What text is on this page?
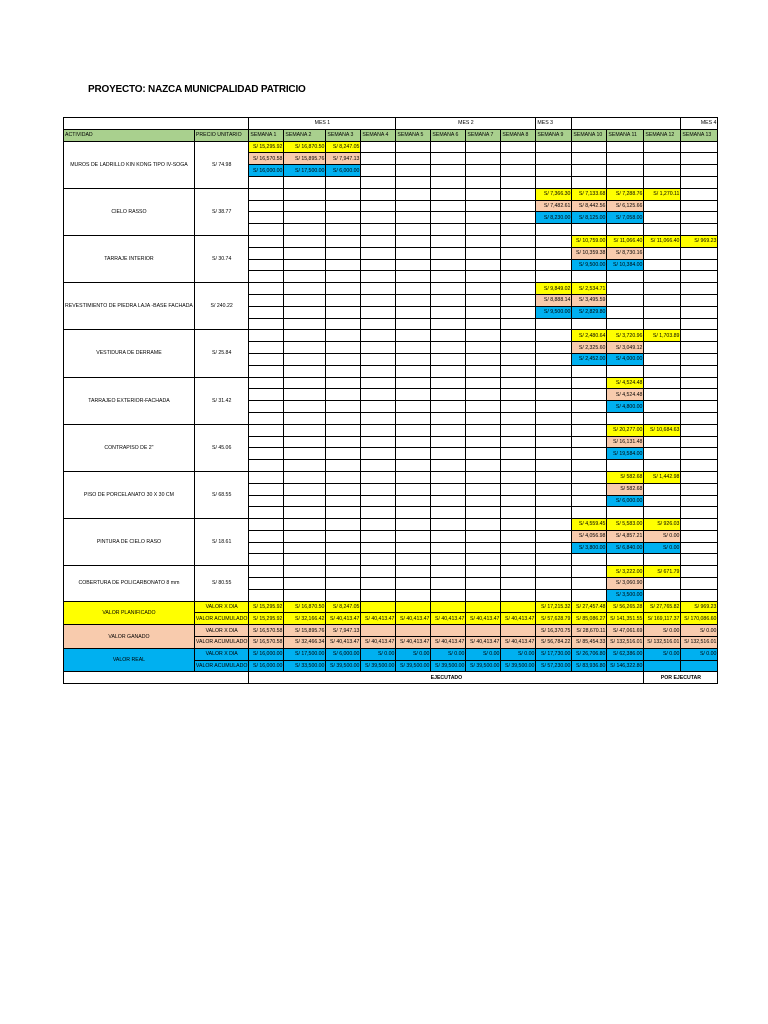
PROYECTO: NAZCA MUNICPALIDAD PATRICIO
		MES 1				MES 2				MES 3				MES 4
ACTIVIDAD	PRECIO UNITARIO	SEMANA 1	SEMANA 2	SEMANA 3	SEMANA 4	SEMANA 5	SEMANA 6	SEMANA 7	SEMANA 8	SEMANA 9	SEMANA 10	SEMANA 11	SEMANA 12	SEMANA 13
MUROS DE LADRILLO KIN KONG TIPO IV-SOGA	S/ 74.98	S/ 15,295.92	S/ 16,870.50	S/ 8,247.05										
		S/ 16,570.58	S/ 15,895.76	S/ 7,947.13										
		S/ 16,000.00	S/ 17,500.00	S/ 6,000.00										

CIELO RASSO	S/ 38.77									S/ 7,366.30	S/ 7,133.68	S/ 7,288.76	S/ 1,270.11	
										S/ 7,482.61	S/ 8,442.56	S/ 6,125.66		
										S/ 8,230.00	S/ 8,125.00	S/ 7,058.00		

TARRAJE INTERIOR	S/ 30.74										S/ 10,759.00	S/ 11,066.40	S/ 11,066.40	S/ 969.23
											S/ 10,359.38	S/ 8,730.16		
											S/ 9,500.00	S/ 10,384.00		

REVESTIMIENTO DE PIEDRA LAJA -BASE FACHADA	S/ 240.22									S/ 9,849.02	S/ 2,534.71			
										S/ 8,888.14	S/ 3,495.59			
										S/ 9,500.00	S/ 2,829.80			

VESTIDURA DE DERRAME	S/ 25.84										S/ 2,480.64	S/ 3,720.96	S/ 1,703.89	
											S/ 2,325.60	S/ 3,049.12		
											S/ 2,452.00	S/ 4,000.00		

TARRAJEO EXTERIOR-FACHADA	S/ 31.42											S/ 4,524.48		
												S/ 4,524.48		
												S/ 4,800.00		

CONTRAPISO DE 2"	S/ 45.06											S/ 20,277.00	S/ 10,684.63	
												S/ 16,131.48		
												S/ 19,584.00		

PISO DE PORCELANATO 30 X 30 CM	S/ 68.55											S/ 582.68	S/ 1,442.98	
												S/ 582.68		
												S/ 6,000.00		

PINTURA DE CIELO RASO	S/ 18.61										S/ 4,559.45	S/ 5,583.00	S/ 926.03	
											S/ 4,056.98	S/ 4,857.21	S/ 0.00	
											S/ 3,800.00	S/ 6,840.00	S/ 0.00	

COBERTURA DE POLICARBONATO 8 mm	S/ 80.55											S/ 3,222.00	S/ 671.79	
												S/ 3,060.90		
												S/ 3,500.00		
VALOR PLANIFICADO	VALOR X DIA	S/ 15,295.92	S/ 16,870.50	S/ 8,247.05						S/ 17,215.32	S/ 27,457.48	S/ 56,265.28	S/ 27,765.82	S/ 969.23
	VALOR ACUMULADO	S/ 15,295.92	S/ 32,166.42	S/ 40,413.47	S/ 40,413.47	S/ 40,413.47	S/ 40,413.47	S/ 40,413.47	S/ 40,413.47	S/ 57,628.79	S/ 85,086.27	S/ 141,351.55	S/ 169,117.37	S/ 170,086.60
VALOR GANADO	VALOR X DIA	S/ 16,570.58	S/ 15,895.76	S/ 7,947.13						S/ 16,370.75	S/ 28,670.11	S/ 47,061.69	S/ 0.00	S/ 0.00
	VALOR ACUMULADO	S/ 16,570.58	S/ 32,466.34	S/ 40,413.47	S/ 40,413.47	S/ 40,413.47	S/ 40,413.47	S/ 40,413.47	S/ 40,413.47	S/ 56,784.22	S/ 85,454.33	S/ 132,516.01	S/ 132,516.01	S/ 132,516.01
VALOR REAL	VALOR X DIA	S/ 16,000.00	S/ 17,500.00	S/ 6,000.00	S/ 0.00	S/ 0.00	S/ 0.00	S/ 0.00	S/ 0.00	S/ 17,730.00	S/ 26,706.80	S/ 62,386.00	S/ 0.00	S/ 0.00
	VALOR ACUMULADO	S/ 16,000.00	S/ 33,500.00	S/ 39,500.00	S/ 39,500.00	S/ 39,500.00	S/ 39,500.00	S/ 39,500.00	S/ 39,500.00	S/ 57,230.00	S/ 83,936.80	S/ 146,322.80		
		EJECUTADO											POR EJECUTAR	
